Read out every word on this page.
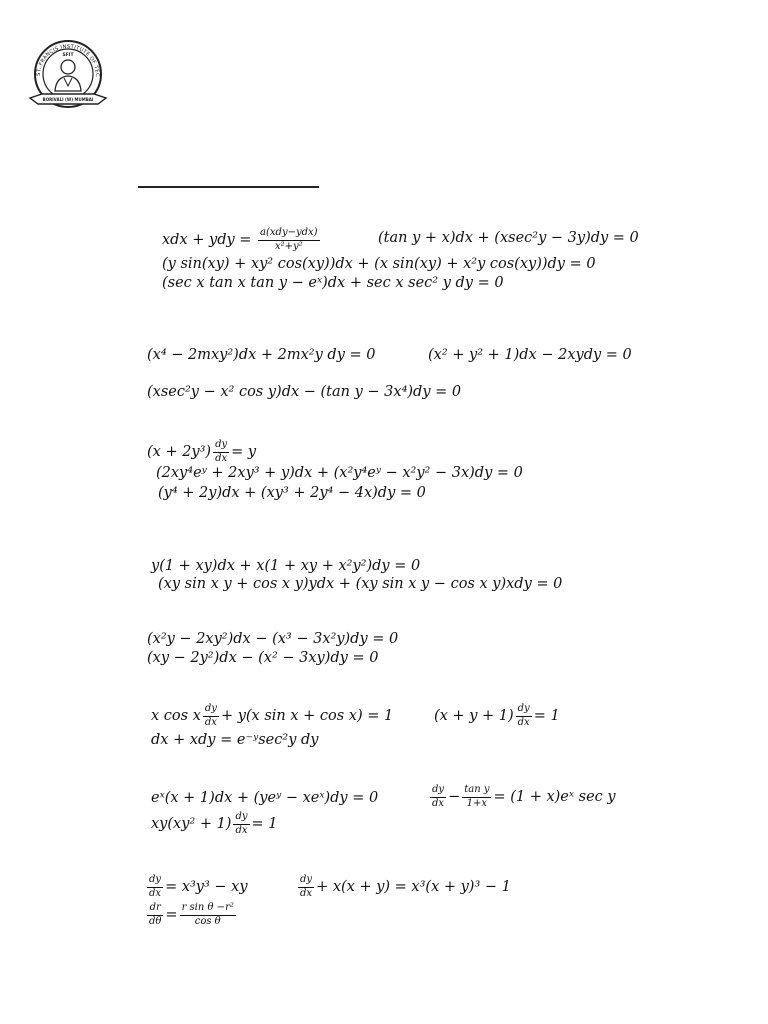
ST. FRANCIS INSTITUTE OF TEC
SFIT
BORIVALI (W) MUMBAI
xdx + ydy = $\frac{\text{a(xdy−ydx)}}{\text{x²+y²}}$	(tan y + x)dx + (xsec²y − 3y)dy = 0
(y sin(xy) + xy² cos(xy))dx + (x sin(xy) + x²y cos(xy))dy = 0
(sec x tan x tan y − eˣ)dx + sec x sec² y dy = 0
(x⁴ − 2mxy²)dx + 2mx²y dy = 0	(x² + y² + 1)dx − 2xydy = 0
(xsec²y − x² cos y)dx − (tan y − 3x⁴)dy = 0
$(x + 2y^3) \frac{dy}{dx} = y$
(2xy⁴eʸ + 2xy³ + y)dx + (x²y⁴eʸ − x²y² − 3x)dy = 0
(y⁴ + 2y)dx + (xy³ + 2y⁴ − 4x)dy = 0
y(1 + xy)dx + x(1 + xy + x²y²)dy = 0
(xy sin x y + cos x y)ydx + (xy sin x y − cos x y)xdy = 0
(x²y − 2xy²)dx − (x³ − 3x²y)dy = 0
(xy − 2y²)dx − (x² − 3xy)dy = 0
x cos x $\frac{dy}{dx} + y(x$ sin x + cos x) = 1	$(x + y + 1) \frac{dy}{dx} = 1$
dx + xdy = e⁻ʸsec²y dy
eˣ(x + 1)dx + (yeʸ − xeˣ)dy = 0	$\frac{dy}{dx} - \frac{\text{tan y}}{1+x} = (1$ + x)eˣ sec y
$xy(xy^2 + 1) \frac{dy}{dx} = 1$
$\frac{dy}{dx} = x^3y^3$ − xy	$\frac{dy}{dx} + x(x + y) = x^3(x + y)^3 - 1$
$\frac{dr}{d\theta} = \frac{\text{r sin θ −r²}}{\text{cos θ}}$
